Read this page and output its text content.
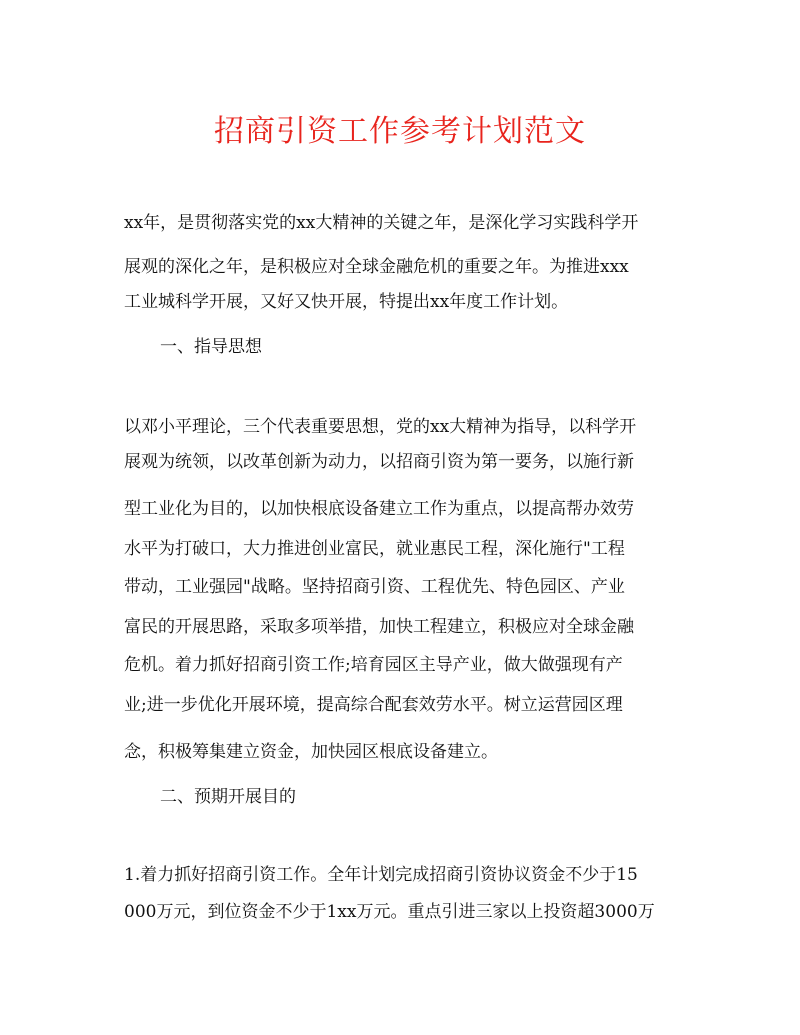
招商引资工作参考计划范文
xx年，是贯彻落实党的xx大精神的关键之年，是深化学习实践科学开
展观的深化之年，是积极应对全球金融危机的重要之年。为推进xxx
工业城科学开展，又好又快开展，特提出xx年度工作计划。
一、指导思想
以邓小平理论，三个代表重要思想，党的xx大精神为指导，以科学开
展观为统领，以改革创新为动力，以招商引资为第一要务，以施行新
型工业化为目的，以加快根底设备建立工作为重点，以提高帮办效劳
水平为打破口，大力推进创业富民，就业惠民工程，深化施行"工程
带动，工业强园"战略。坚持招商引资、工程优先、特色园区、产业
富民的开展思路，采取多项举措，加快工程建立，积极应对全球金融
危机。着力抓好招商引资工作;培育园区主导产业，做大做强现有产
业;进一步优化开展环境，提高综合配套效劳水平。树立运营园区理
念，积极筹集建立资金，加快园区根底设备建立。
二、预期开展目的
1.着力抓好招商引资工作。全年计划完成招商引资协议资金不少于15
000万元，到位资金不少于1xx万元。重点引进三家以上投资超3000万
